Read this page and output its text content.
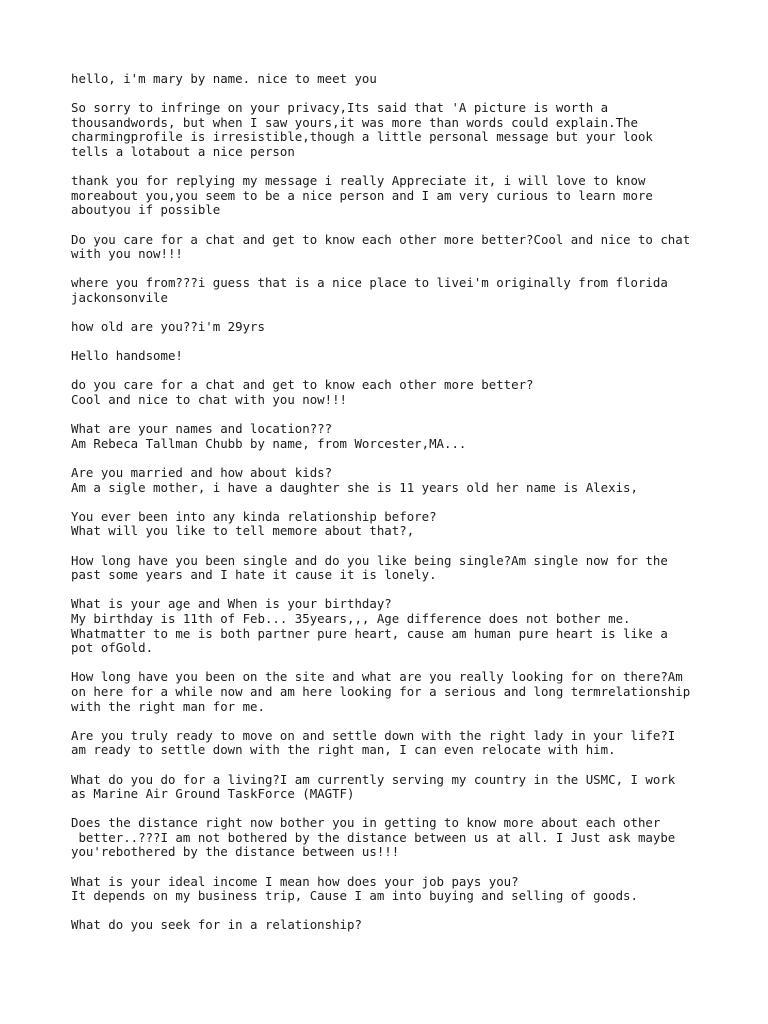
hello, i'm mary by name. nice to meet you
So sorry to infringe on your privacy,Its said that 'A picture is worth a
thousandwords, but when I saw yours,it was more than words could explain.The
charmingprofile is irresistible,though a little personal message but your look
tells a lotabout a nice person
thank you for replying my message i really Appreciate it, i will love to know
moreabout you,you seem to be a nice person and I am very curious to learn more
aboutyou if possible
Do you care for a chat and get to know each other more better?Cool and nice to chat
with you now!!!
where you from???i guess that is a nice place to livei'm originally from florida
jackonsonvile
how old are you??i'm 29yrs
Hello handsome!
do you care for a chat and get to know each other more better?
Cool and nice to chat with you now!!!
What are your names and location???
Am Rebeca Tallman Chubb by name, from Worcester,MA...
Are you married and how about kids?
Am a sigle mother, i have a daughter she is 11 years old her name is Alexis,
You ever been into any kinda relationship before?
What will you like to tell memore about that?,
How long have you been single and do you like being single?Am single now for the
past some years and I hate it cause it is lonely.
What is your age and When is your birthday?
My birthday is 11th of Feb... 35years,,, Age difference does not bother me.
Whatmatter to me is both partner pure heart, cause am human pure heart is like a
pot ofGold.
How long have you been on the site and what are you really looking for on there?Am
on here for a while now and am here looking for a serious and long termrelationship
with the right man for me.
Are you truly ready to move on and settle down with the right lady in your life?I
am ready to settle down with the right man, I can even relocate with him.
What do you do for a living?I am currently serving my country in the USMC, I work
as Marine Air Ground TaskForce (MAGTF)
Does the distance right now bother you in getting to know more about each other
better..???I am not bothered by the distance between us at all. I Just ask maybe
you'rebothered by the distance between us!!!
What is your ideal income I mean how does your job pays you?
It depends on my business trip, Cause I am into buying and selling of goods.
What do you seek for in a relationship?
